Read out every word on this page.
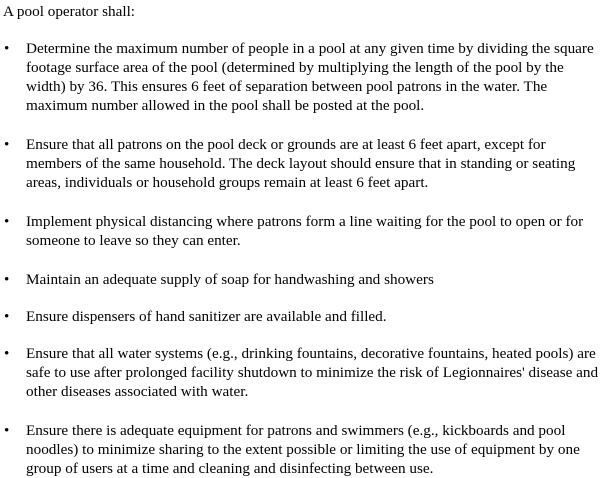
A pool operator shall:

• Determine the maximum number of people in a pool at any given time by dividing the square footage surface area of the pool (determined by multiplying the length of the pool by the width) by 36. This ensures 6 feet of separation between pool patrons in the water. The maximum number allowed in the pool shall be posted at the pool.
• Ensure that all patrons on the pool deck or grounds are at least 6 feet apart, except for members of the same household. The deck layout should ensure that in standing or seating areas, individuals or household groups remain at least 6 feet apart.
• Implement physical distancing where patrons form a line waiting for the pool to open or for someone to leave so they can enter.
• Maintain an adequate supply of soap for handwashing and showers
• Ensure dispensers of hand sanitizer are available and filled.
• Ensure that all water systems (e.g., drinking fountains, decorative fountains, heated pools) are safe to use after prolonged facility shutdown to minimize the risk of Legionnaires' disease and other diseases associated with water.
• Ensure there is adequate equipment for patrons and swimmers (e.g., kickboards and pool noodles) to minimize sharing to the extent possible or limiting the use of equipment by one group of users at a time and cleaning and disinfecting between use.
